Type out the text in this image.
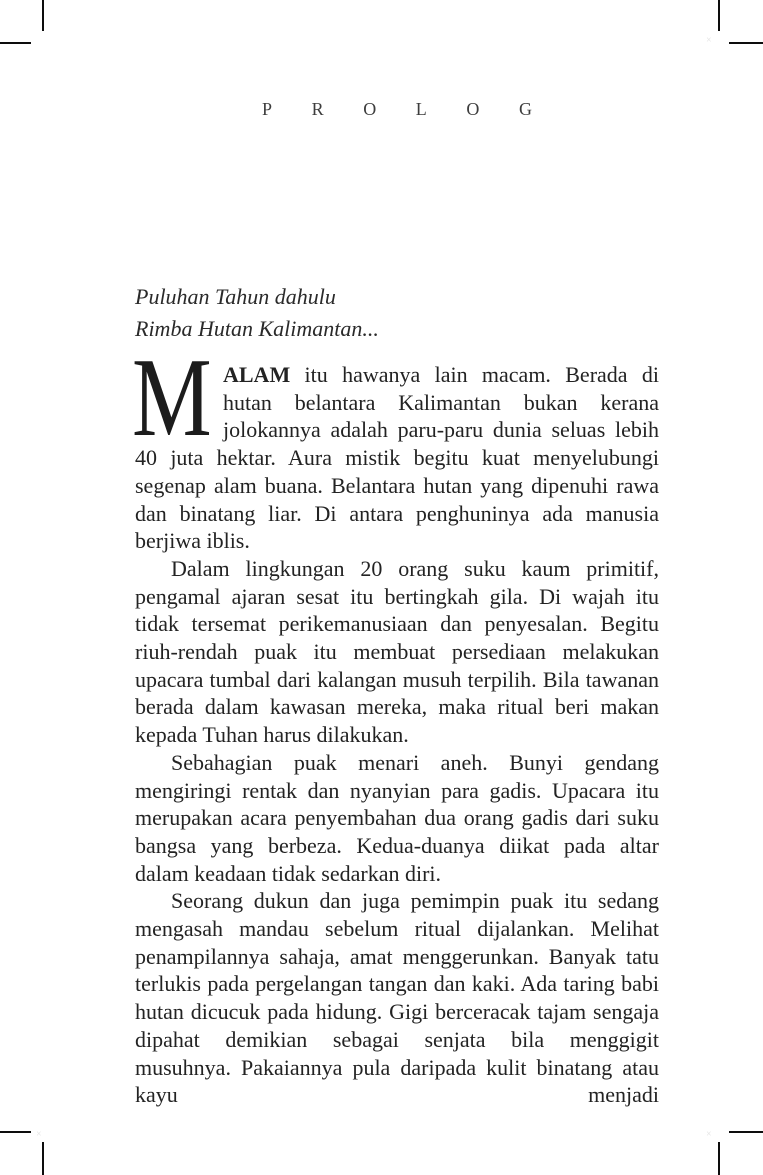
×
×	×
PROLOG
Puluhan Tahun dahulu
Rimba Hutan Kalimantan...

M ALAM itu hawanya lain macam. Berada di hutan belantara Kalimantan bukan kerana jolokannya adalah paru-paru dunia seluas lebih 40 juta hektar. Aura mistik begitu kuat menyelubungi segenap alam buana. Belantara hutan yang dipenuhi rawa dan binatang liar. Di antara penghuninya ada manusia berjiwa iblis.

Dalam lingkungan 20 orang suku kaum primitif, pengamal ajaran sesat itu bertingkah gila. Di wajah itu tidak tersemat perikemanusiaan dan penyesalan. Begitu riuh-rendah puak itu membuat persediaan melakukan upacara tumbal dari kalangan musuh terpilih. Bila tawanan berada dalam kawasan mereka, maka ritual beri makan kepada Tuhan harus dilakukan.

Sebahagian puak menari aneh. Bunyi gendang mengiringi rentak dan nyanyian para gadis. Upacara itu merupakan acara penyembahan dua orang gadis dari suku bangsa yang berbeza. Kedua-duanya diikat pada altar dalam keadaan tidak sedarkan diri.

Seorang dukun dan juga pemimpin puak itu sedang mengasah mandau sebelum ritual dijalankan. Melihat penampilannya sahaja, amat menggerunkan. Banyak tatu terlukis pada pergelangan tangan dan kaki. Ada taring babi hutan dicucuk pada hidung. Gigi berceracak tajam sengaja dipahat demikian sebagai senjata bila menggigit musuhnya. Pakaiannya pula daripada kulit binatang atau kayu menjadi
